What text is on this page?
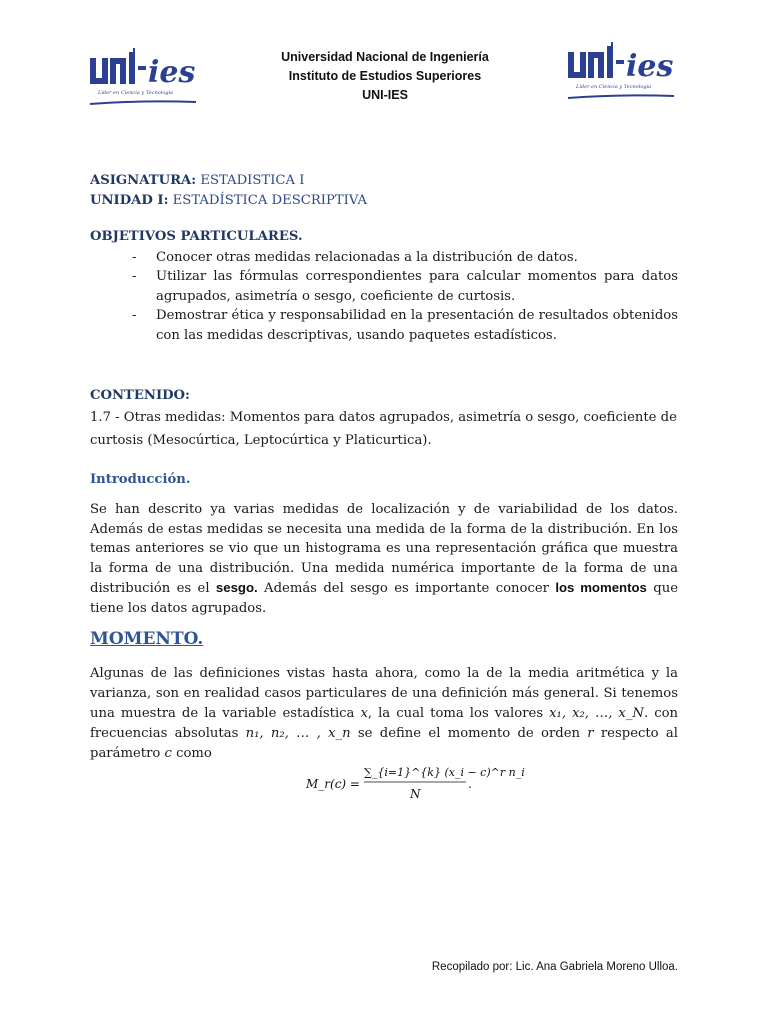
ies
Líder en Ciencia y Tecnología
Universidad Nacional de Ingeniería
Instituto de Estudios Superiores
UNI-IES
ies
Líder en Ciencia y Tecnología
ASIGNATURA: ESTADISTICA I
UNIDAD I: ESTADÍSTICA DESCRIPTIVA
OBJETIVOS PARTICULARES.
- Conocer otras medidas relacionadas a la distribución de datos.
- Utilizar las fórmulas correspondientes para calcular momentos para datos agrupados, asimetría o sesgo, coeficiente de curtosis.
- Demostrar ética y responsabilidad en la presentación de resultados obtenidos con las medidas descriptivas, usando paquetes estadísticos.
CONTENIDO:
1.7 - Otras medidas: Momentos para datos agrupados, asimetría o sesgo, coeficiente de curtosis (Mesocúrtica, Leptocúrtica y Platicurtica).
Introducción.
Se han descrito ya varias medidas de localización y de variabilidad de los datos. Además de estas medidas se necesita una medida de la forma de la distribución. En los temas anteriores se vio que un histograma es una representación gráfica que muestra la forma de una distribución. Una medida numérica importante de la forma de una distribución es el sesgo. Además del sesgo es importante conocer los momentos que tiene los datos agrupados.
MOMENTO.
Algunas de las definiciones vistas hasta ahora, como la de la media aritmética y la varianza, son en realidad casos particulares de una definición más general. Si tenemos una muestra de la variable estadística x, la cual toma los valores x₁, x₂, …, x_N. con frecuencias absolutas n₁, n₂, … , x_n se define el momento de orden r respecto al parámetro c como
M_r(c) =
∑_{i=1}^{k} (x_i − c)^r n_i
N
.
Recopilado por: Lic. Ana Gabriela Moreno Ulloa.
